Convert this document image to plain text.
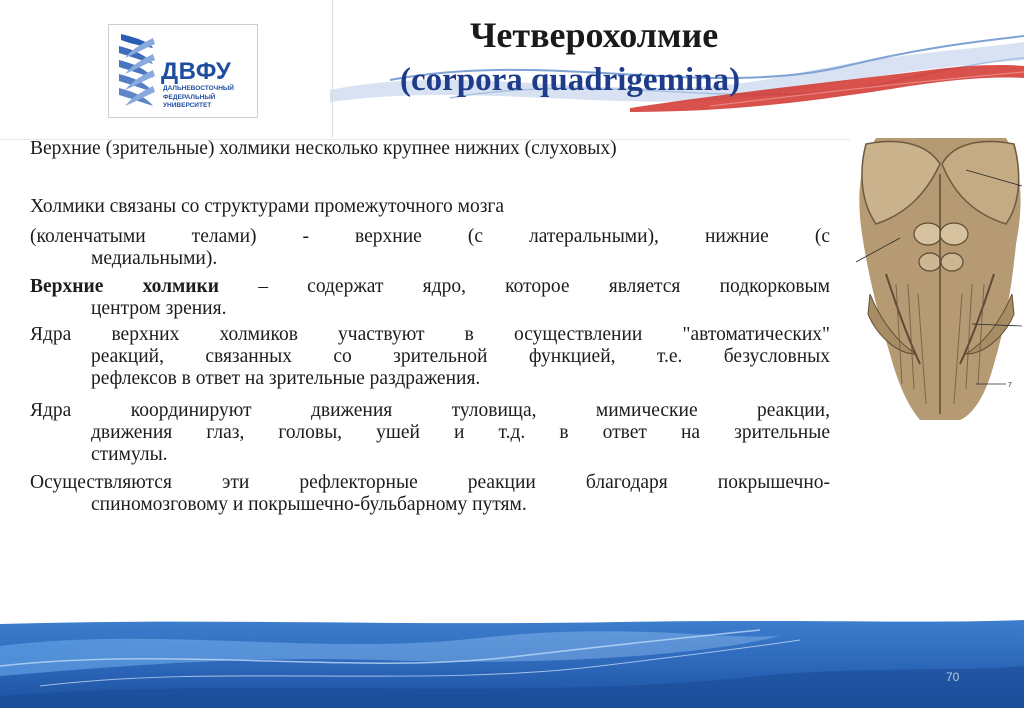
ДВФУ
ДАЛЬНЕВОСТОЧНЫЙ
ФЕДЕРАЛЬНЫЙ
УНИВЕРСИТЕТ
Четверохолмие
(corpora quadrigemina)
Верхние (зрительные) холмики несколько крупнее нижних (слуховых)
Холмики связаны со структурами промежуточного мозга
(коленчатыми телами) - верхние (с латеральными), нижние (с
медиальными).
Верхние холмики – содержат ядро, которое является подкорковым
центром зрения.
Ядра верхних холмиков участвуют в осуществлении "автоматических"
реакций, связанных со зрительной функцией, т.е. безусловных
рефлексов в ответ на зрительные раздражения.
Ядра координируют движения туловища, мимические реакции,
движения глаз, головы, ушей и т.д. в ответ на зрительные
стимулы.
Осуществляются эти рефлекторные реакции благодаря покрышечно-
спиномозговому и покрышечно-бульбарному путям.
7
70
